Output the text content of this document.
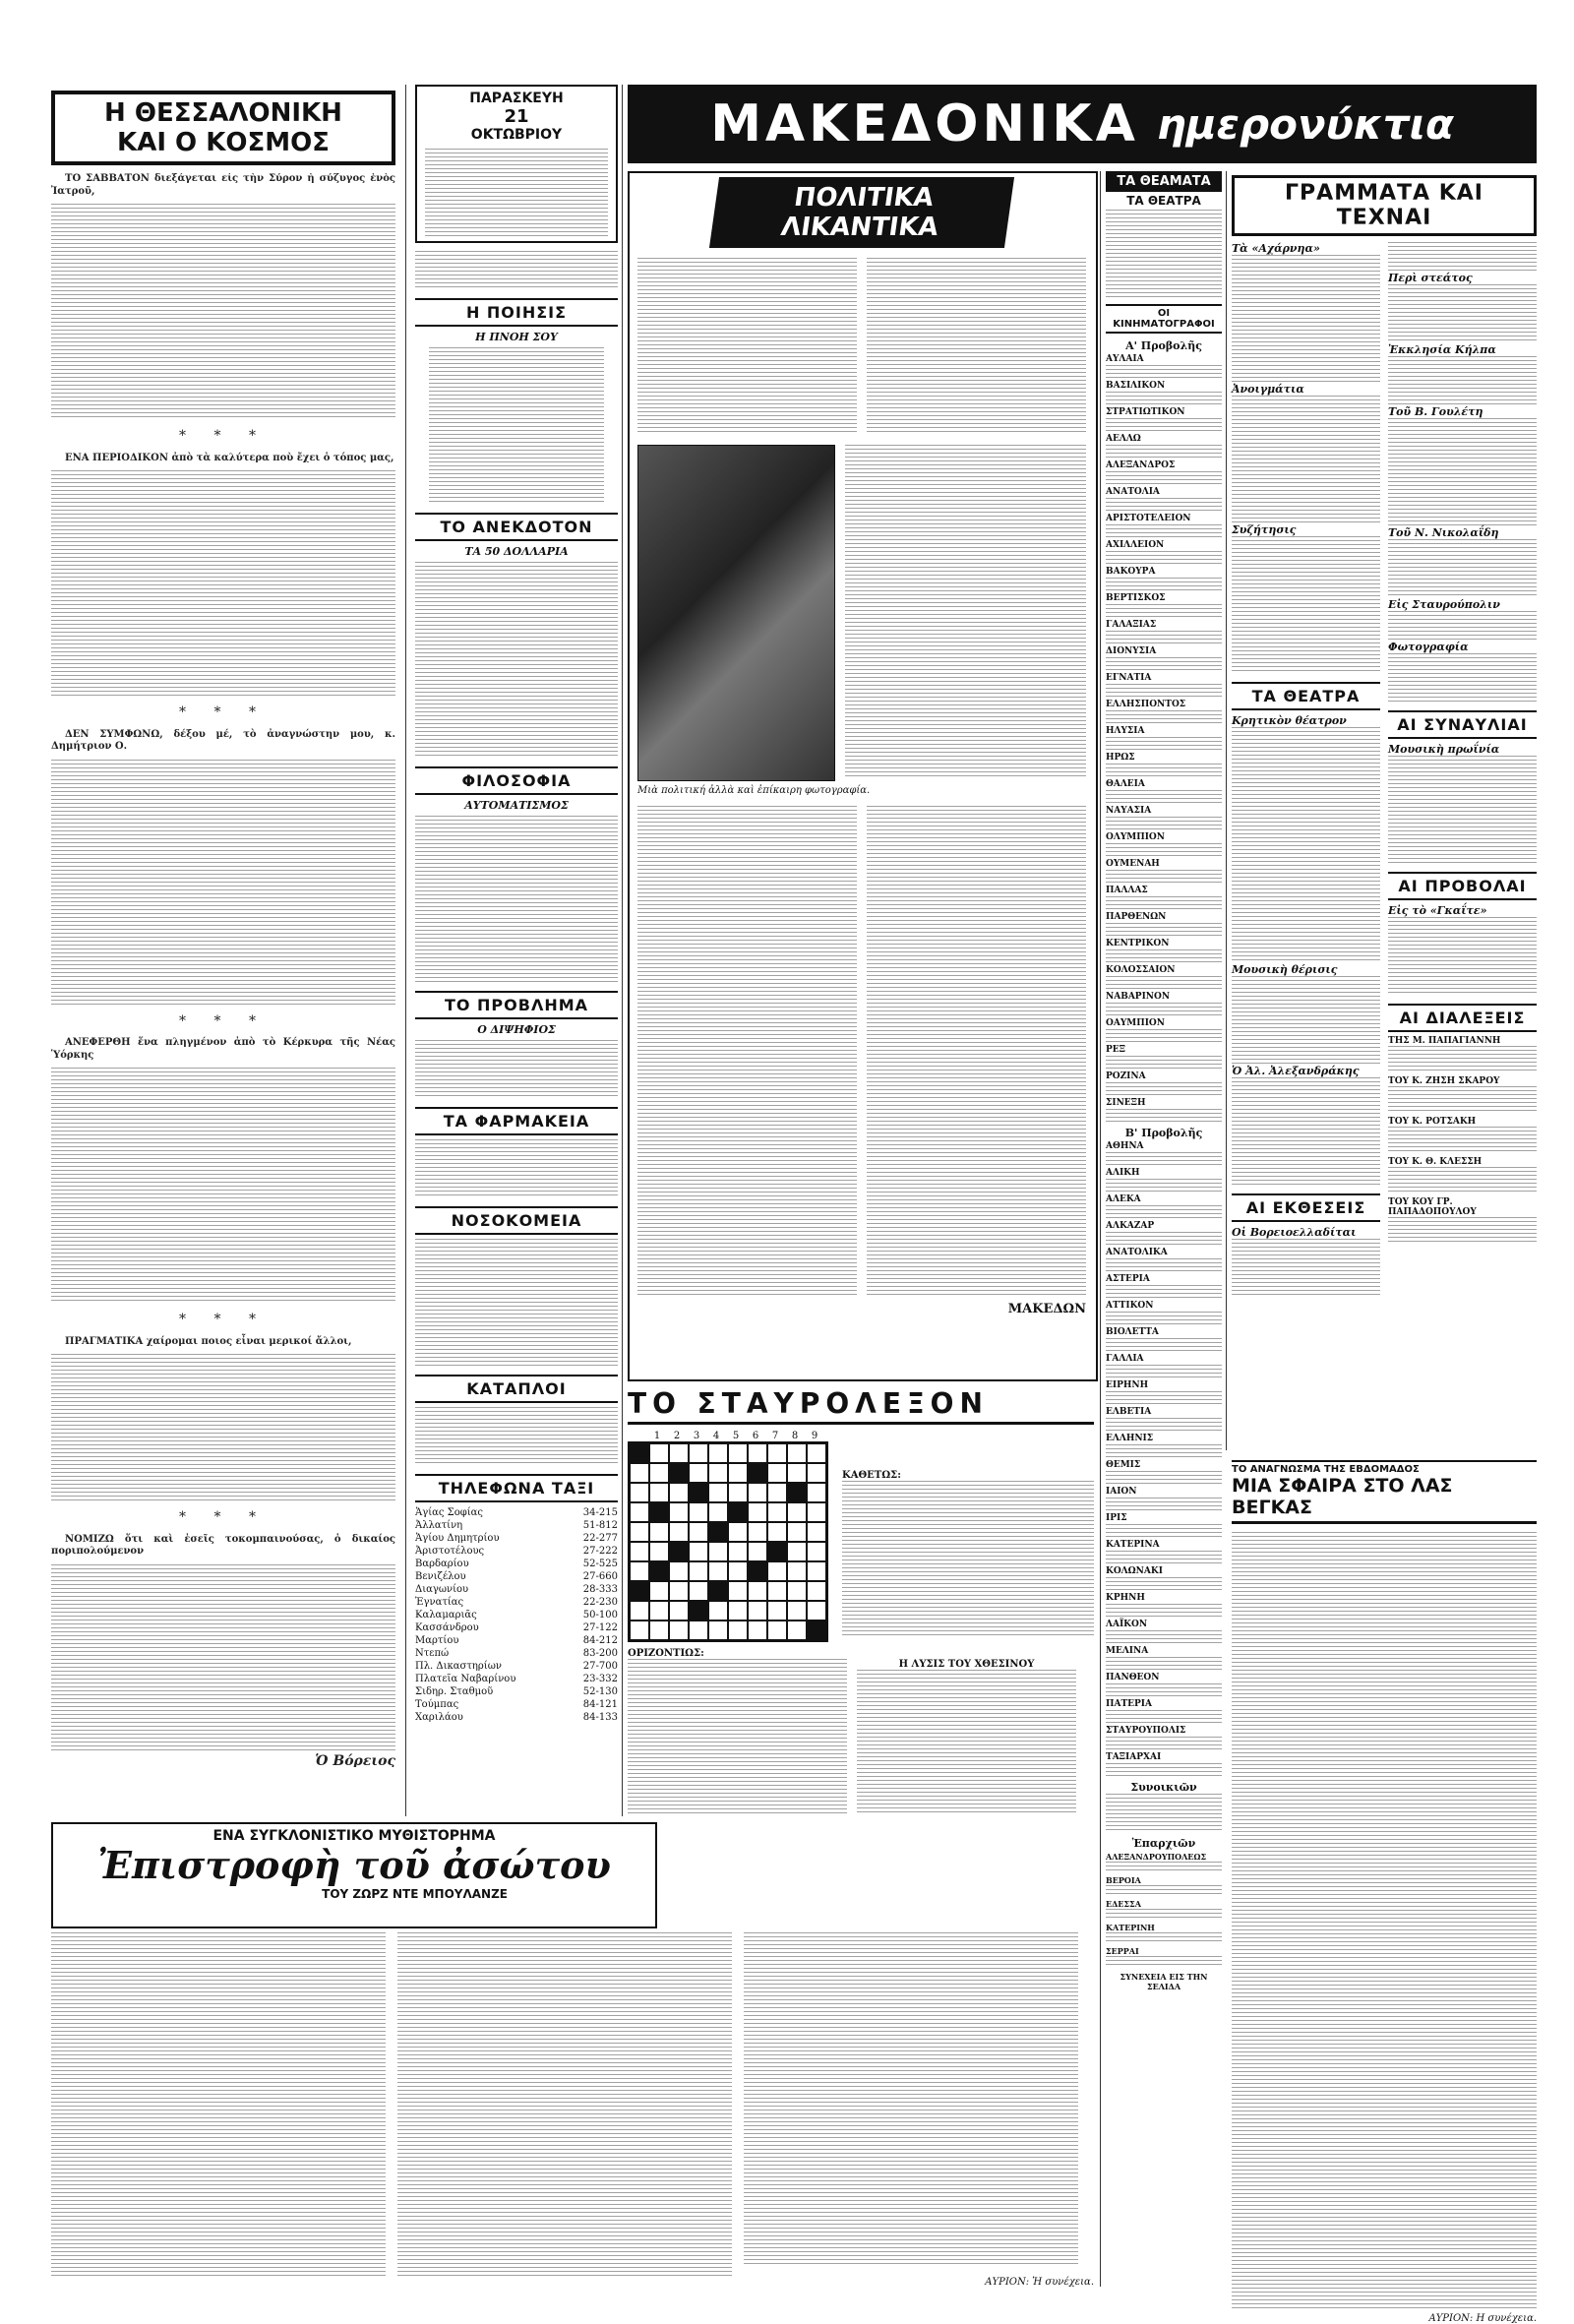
Η ΘΕΣΣΑΛΟΝΙΚΗ
ΚΑΙ Ο ΚΟΣΜΟΣ

ΤΟ ΣΑΒΒΑΤΟΝ διεξάγεται εἰς τὴν Σύρον ἡ σύζυγος ἑνὸς Ἰατροῦ,

* * *

ΕΝΑ ΠΕΡΙΟΔΙΚΟΝ ἀπὸ τὰ καλύτερα ποὺ ἔχει ὁ τόπος μας,

* * *

ΔΕΝ ΣΥΜΦΩΝΩ, δέξου μέ, τὸ ἀναγνώστην μου, κ. Δημήτριον Ο.

* * *

ΑΝΕΦΕΡΘΗ ἕνα πληγμένον ἀπὸ τὸ Κέρκυρα τῆς Νέας Ὑόρκης

* * *

ΠΡΑΓΜΑΤΙΚΑ χαίρομαι ποιος εἶναι μερικοί ἄλλοι,

* * *

ΝΟΜΙΖΩ ὅτι καὶ ἐσεῖς τοκομπαινούσας, ὁ δικαίος ποριπολούμενον

Ὁ Βόρειος
ΠΑΡΑΣΚΕΥΗ
21
ΟΚΤΩΒΡΙΟΥ
Η ΠΟΙΗΣΙΣ
Η ΠΝΟΗ ΣΟΥ
ΤΟ ΑΝΕΚΔΟΤΟΝ
ΤΑ 50 ΔΟΛΛΑΡΙΑ
ΦΙΛΟΣΟΦΙΑ
ΑΥΤΟΜΑΤΙΣΜΟΣ
ΤΟ ΠΡΟΒΛΗΜΑ
Ο ΔΙΨΗΦΙΟΣ
ΤΑ ΦΑΡΜΑΚΕΙΑ
ΝΟΣΟΚΟΜΕΙΑ
ΚΑΤΑΠΛΟΙ
ΤΗΛΕΦΩΝΑ ΤΑΞΙ
Ἁγίας Σοφίας	34-215
Ἀλλατίνη	51-812
Ἁγίου Δημητρίου	22-277
Ἀριστοτέλους	27-222
Βαρδαρίου	52-525
Βενιζέλου	27-660
Διαγωνίου	28-333
Ἐγνατίας	22-230
Καλαμαριᾶς	50-100
Κασσάνδρου	27-122
Μαρτίου	84-212
Ντεπώ	83-200
Πλ. Δικαστηρίων	27-700
Πλατεῖα Ναβαρίνου	23-332
Σιδηρ. Σταθμοῦ	52-130
Τούμπας	84-121
Χαριλάου	84-133
ΜΑΚΕΔΟΝΙΚΑ ημερονύκτια
ΠΟΛΙΤΙΚΑ ΛΙΚΑΝΤΙΚΑ
Μιὰ πολιτική ἀλλὰ καὶ ἐπίκαιρη φωτογραφία.
ΜΑΚΕΔΩΝ
ΤΟ ΣΤΑΥΡΟΛΕΞΟΝ
1	2	3	4	5	6	7	8	9
ΚΑΘΕΤΩΣ:
ΟΡΙΖΟΝΤΙΩΣ:
Η ΛΥΣΙΣ ΤΟΥ ΧΘΕΣΙΝΟΥ
ΤΑ ΘΕΑΜΑΤΑ
ΤΑ ΘΕΑΤΡΑ
ΟΙ ΚΙΝΗΜΑΤΟΓΡΑΦΟΙ
Α' Προβολῆς
ΑΥΛΑΙΑ
ΒΑΣΙΛΙΚΟΝ
ΣΤΡΑΤΙΩΤΙΚΟΝ
ΑΕΛΛΩ
ΑΛΕΞΑΝΔΡΟΣ
ΑΝΑΤΟΛΙΑ
ΑΡΙΣΤΟΤΕΛΕΙΟΝ
ΑΧΙΛΛΕΙΟΝ
ΒΑΚΟΥΡΑ
ΒΕΡΤΙΣΚΟΣ
ΓΑΛΑΞΙΑΣ
ΔΙΟΝΥΣΙΑ
ΕΓΝΑΤΙΑ
ΕΛΛΗΣΠΟΝΤΟΣ
ΗΛΥΣΙΑ
ΗΡΩΣ
ΘΑΛΕΙΑ
ΝΑΥΑΣΙΑ
ΟΛΥΜΠΙΟΝ
ΟΥΜΕΝΑΗ
ΠΑΛΛΑΣ
ΠΑΡΘΕΝΩΝ
ΚΕΝΤΡΙΚΟΝ
ΚΟΛΟΣΣΑΙΟΝ
ΝΑΒΑΡΙΝΟΝ
ΟΑΥΜΠΙΟΝ
ΡΕΞ
ΡΟΖΙΝΑ
ΣΙΝΕΞΗ
Β' Προβολῆς
ΑΘΗΝΑ
ΑΛΙΚΗ
ΑΛΕΚΑ
ΑΛΚΑΖΑΡ
ΑΝΑΤΟΛΙΚΑ
ΑΣΤΕΡΙΑ
ΑΤΤΙΚΟΝ
ΒΙΟΛΕΤΤΑ
ΓΑΛΛΙΑ
ΕΙΡΗΝΗ
ΕΛΒΕΤΙΑ
ΕΛΛΗΝΙΣ
ΘΕΜΙΣ
ΙΑΙΟΝ
ΙΡΙΣ
ΚΑΤΕΡΙΝΑ
ΚΟΛΩΝΑΚΙ
ΚΡΗΝΗ
ΛΑΪΚΟΝ
ΜΕΛΙΝΑ
ΠΑΝΘΕΟΝ
ΠΑΤΕΡΙΑ
ΣΤΑΥΡΟΥΠΟΛΙΣ
ΤΑΞΙΑΡΧΑΙ
Συνοικιῶν
Ἐπαρχιῶν
ΑΛΕΞΑΝΔΡΟΥΠΟΛΕΩΣ
ΒΕΡΟΙΑ
ΕΔΕΣΣΑ
ΚΑΤΕΡΙΝΗ
ΣΕΡΡΑΙ
ΣΥΝΕΧΕΙΑ ΕΙΣ ΤΗΝ ΣΕΛΙΔΑ
ΓΡΑΜΜΑΤΑ ΚΑΙ ΤΕΧΝΑΙ
Τὰ «Αχάρνηα»
Ἀνοιγμάτια
Συζήτησις
ΤΑ ΘΕΑΤΡΑ
Κρητικὸν θέατρον
Μουσικὴ θέρισις
Ὁ Ἀλ. Ἀλεξανδράκης
ΑΙ ΕΚΘΕΣΕΙΣ
Οἱ Βορειοελλαδίται
Περὶ στεάτος
Ἐκκλησία Κήλπα
Τοῦ Β. Γουλέτη
Τοῦ Ν. Νικολαΐδη
Εἰς Σταυρούπολιν
Φωτογραφία
ΑΙ ΣΥΝΑΥΛΙΑΙ
Μουσικὴ πρωΐνία
ΑΙ ΠΡΟΒΟΛΑΙ
Εἰς τὸ «Γκαΐτε»
ΑΙ ΔΙΑΛΕΞΕΙΣ
ΤΗΣ Μ. ΠΑΠΑΓΙΑΝΝΗ
ΤΟΥ Κ. ΖΗΣΗ ΣΚΑΡΟΥ
ΤΟΥ Κ. ΡΟΤΣΑΚΗ
ΤΟΥ Κ. Θ. ΚΛΕΣΣΗ
ΤΟΥ ΚΟΥ ΓΡ. ΠΑΠΑΔΟΠΟΥΛΟΥ
ΤΟ ΑΝΑΓΝΩΣΜΑ ΤΗΣ ΕΒΔΟΜΑΔΟΣ
ΜΙΑ ΣΦΑΙΡΑ ΣΤΟ ΛΑΣ ΒΕΓΚΑΣ
ΑΥΡΙΟΝ: Η συνέχεια.
ΕΝΑ ΣΥΓΚΛΟΝΙΣΤΙΚΟ ΜΥΘΙΣΤΟΡΗΜΑ
Ἐπιστροφὴ τοῦ ἀσώτου
ΤΟΥ ΖΩΡΖ ΝΤΕ ΜΠΟΥΛΑΝΖΕ
ΑΥΡΙΟΝ: Ἡ συνέχεια.
